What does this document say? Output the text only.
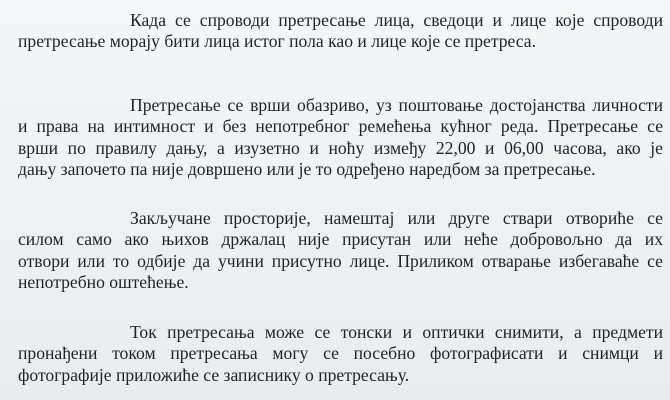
Када се спроводи претресање лица, сведоци и лице које спроводи
претресање морају бити лица истог пола као и лице које се претреса.

Претресање се врши обазриво, уз поштовање достојанства личности
и права на интимност и без непотребног ремећења кућног реда. Претресање се
врши по правилу дању, а изузетно и ноћу између 22,00 и 06,00 часова, ако је
дању започето па није довршено или је то одређено наредбом за претресање.

Закључане просторије, намештај или друге ствари отвориће се
силом само ако њихов држалац није присутан или неће добровољно да их
отвори или то одбије да учини присутно лице. Приликом отварање избегаваће се
непотребно оштећење.

Ток претресања може се тонски и оптички снимити, а предмети
пронађени током претресања могу се посебно фотографисати и снимци и
фотографије приложиће се записнику о претресању.
